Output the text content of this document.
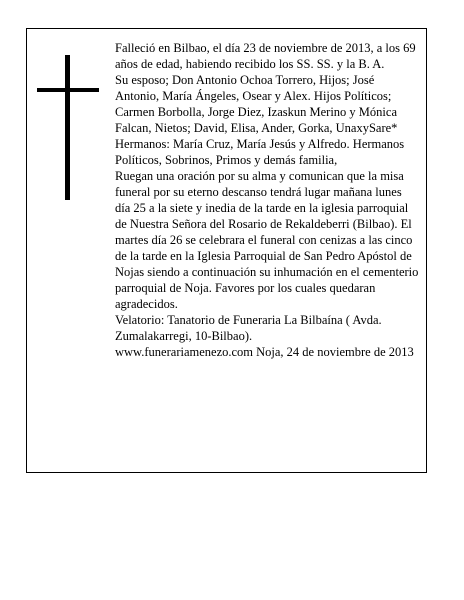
Falleció en Bilbao, el día 23 de noviembre de 2013, a los 69 años de edad, habiendo recibido los SS. SS. y la B. A.

Su esposo; Don Antonio Ochoa Torrero, Hijos; José Antonio, María Ángeles, Osear y Alex. Hijos Políticos; Carmen Borbolla, Jorge Diez, Izaskun Merino y Mónica Falcan, Nietos; David, Elisa, Ander, Gorka, UnaxySare* Hermanos: María Cruz, María Jesús y Alfredo. Hermanos Políticos, Sobrinos, Primos y demás familia,

Ruegan una oración por su alma y comunican que la misa funeral por su eterno descanso tendrá lugar mañana lunes día 25 a la siete y inedia de la tarde en la iglesia parroquial de Nuestra Señora del Rosario de Rekaldeberri (Bilbao). El martes día 26 se celebrara el funeral con cenizas a las cinco de la tarde en la Iglesia Parroquial de San Pedro Apóstol de Nojas siendo a continuación su inhumación en el cementerio parroquial de Noja. Favores por los cuales quedaran agradecidos.

Velatorio: Tanatorio de Funeraria La Bilbaína ( Avda. Zumalakarregi, 10-Bilbao).

www.funerariamenezo.com Noja, 24 de noviembre de 2013
